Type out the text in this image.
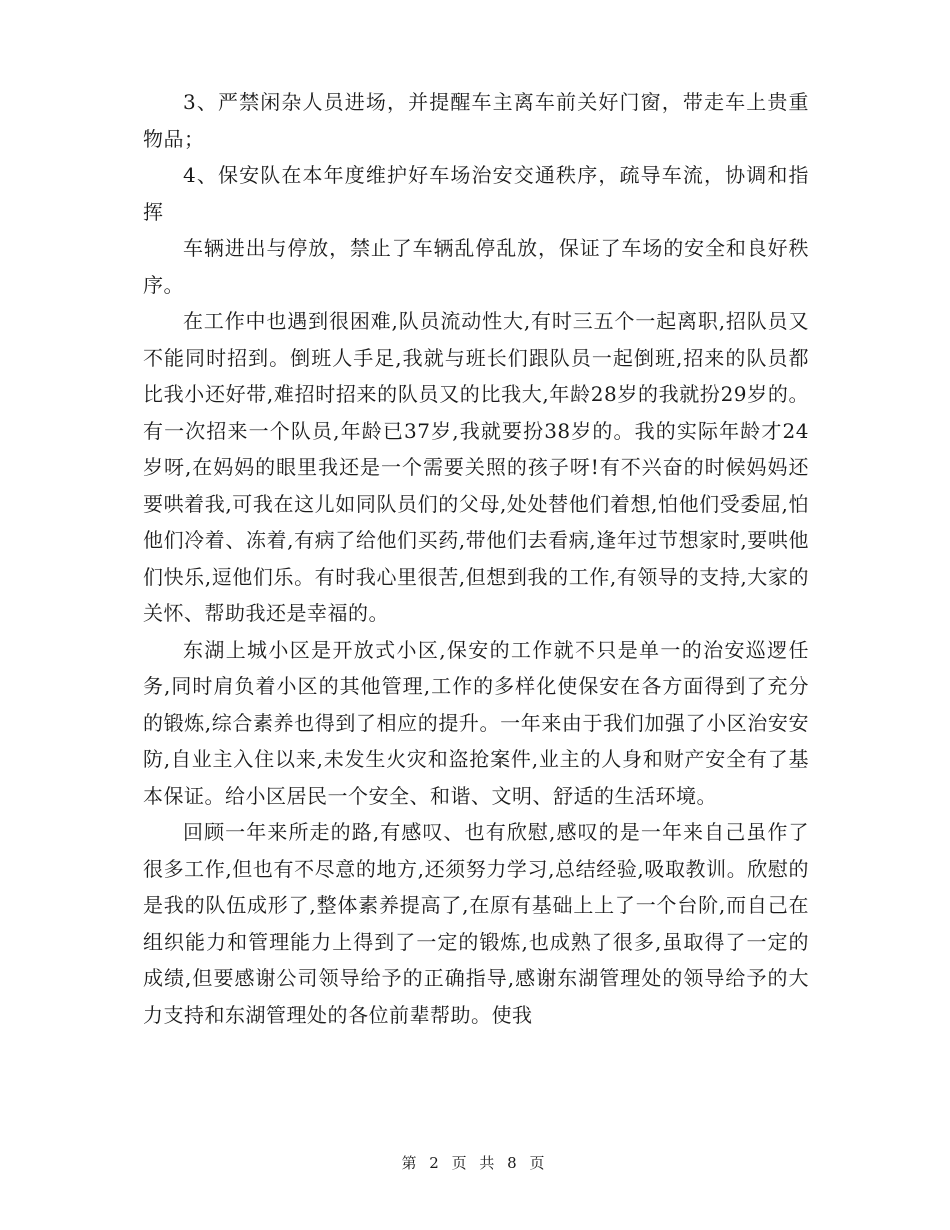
3、严禁闲杂人员进场，并提醒车主离车前关好门窗，带走车上贵重物品；

4、保安队在本年度维护好车场治安交通秩序，疏导车流，协调和指挥

车辆进出与停放，禁止了车辆乱停乱放，保证了车场的安全和良好秩序。

在工作中也遇到很困难,队员流动性大,有时三五个一起离职,招队员又不能同时招到。倒班人手足,我就与班长们跟队员一起倒班,招来的队员都比我小还好带,难招时招来的队员又的比我大,年龄28岁的我就扮29岁的。有一次招来一个队员,年龄已37岁,我就要扮38岁的。我的实际年龄才24岁呀,在妈妈的眼里我还是一个需要关照的孩子呀!有不兴奋的时候妈妈还要哄着我,可我在这儿如同队员们的父母,处处替他们着想,怕他们受委屈,怕他们冷着、冻着,有病了给他们买药,带他们去看病,逢年过节想家时,要哄他们快乐,逗他们乐。有时我心里很苦,但想到我的工作,有领导的支持,大家的关怀、帮助我还是幸福的。

东湖上城小区是开放式小区,保安的工作就不只是单一的治安巡逻任务,同时肩负着小区的其他管理,工作的多样化使保安在各方面得到了充分的锻炼,综合素养也得到了相应的提升。一年来由于我们加强了小区治安安防,自业主入住以来,未发生火灾和盗抢案件,业主的人身和财产安全有了基本保证。给小区居民一个安全、和谐、文明、舒适的生活环境。

回顾一年来所走的路,有感叹、也有欣慰,感叹的是一年来自己虽作了很多工作,但也有不尽意的地方,还须努力学习,总结经验,吸取教训。欣慰的是我的队伍成形了,整体素养提高了,在原有基础上上了一个台阶,而自己在组织能力和管理能力上得到了一定的锻炼,也成熟了很多,虽取得了一定的成绩,但要感谢公司领导给予的正确指导,感谢东湖管理处的领导给予的大力支持和东湖管理处的各位前辈帮助。使我

第 2 页 共 8 页
